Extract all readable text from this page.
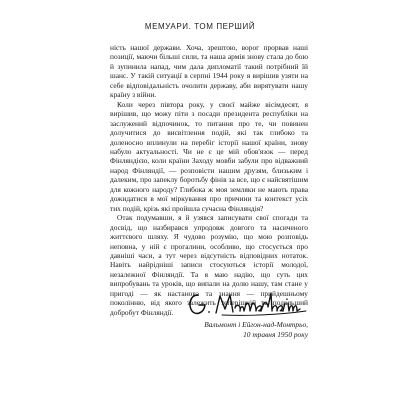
МЕМУАРИ. ТОМ ПЕРШИЙ

ність нашої держави. Хоча, зрештою, ворог прорвав наші позиції, маючи більші сили, та наша армія знову стала до бою й зупинила напад, чим дала дипломатії такий потрібний їй шанс. У такій ситуації в серпні 1944 року я вирішив узяти на себе відповідальність очолити державу, аби вирятувати нашу країну з війни.

Коли через півтора року, у своєї майже вісімдесят, я вирішив, що можу піти з посади президента республіки на заслужений відпочинок, то питання про те, чи повинен долучитися до висвітлення подій, які так глибоко та доленосно вплинули на перебіг історії нашої країни, знову набуло актуальності. Чи не є це мій обов'язок — перед Фінляндією, коли країни Заходу мовби забули про відважний народ Фінляндії, — розповісти нашим друзям, близьким і далеким, про запеклу боротьбу фінів за все, що є найсвятішим для кожного народу? Глибока ж моя земляки не мають права дожидатися в мої міркування про причини та контекст усіх тих подій, крізь які пройшла сучасна Фінляндія?

Отак подумавши, я й узявся записувати свої спогади та досвід, що назбирався упродовж довгого та насиченого життєвого шляху. Я чудово розумію, що мою розповідь неповна, у ній є прогалини, особливо, що стосується про давніші часи, а тут через відсутність відповідних нотаток. Навіть найрідніші записи стосуються історії молодої, незалежної Фінляндії. Та я маю надію, що суть цих випробувань та уроків, що випали на долю нашу, там стане у пригоді — як настанова та знання — прийдешньому поколінню, від якого залежить теперішній та подальший добробут Фінляндії.

Вальмонт і Ейгон-над-Монтрьо,
10 травня 1950 року
